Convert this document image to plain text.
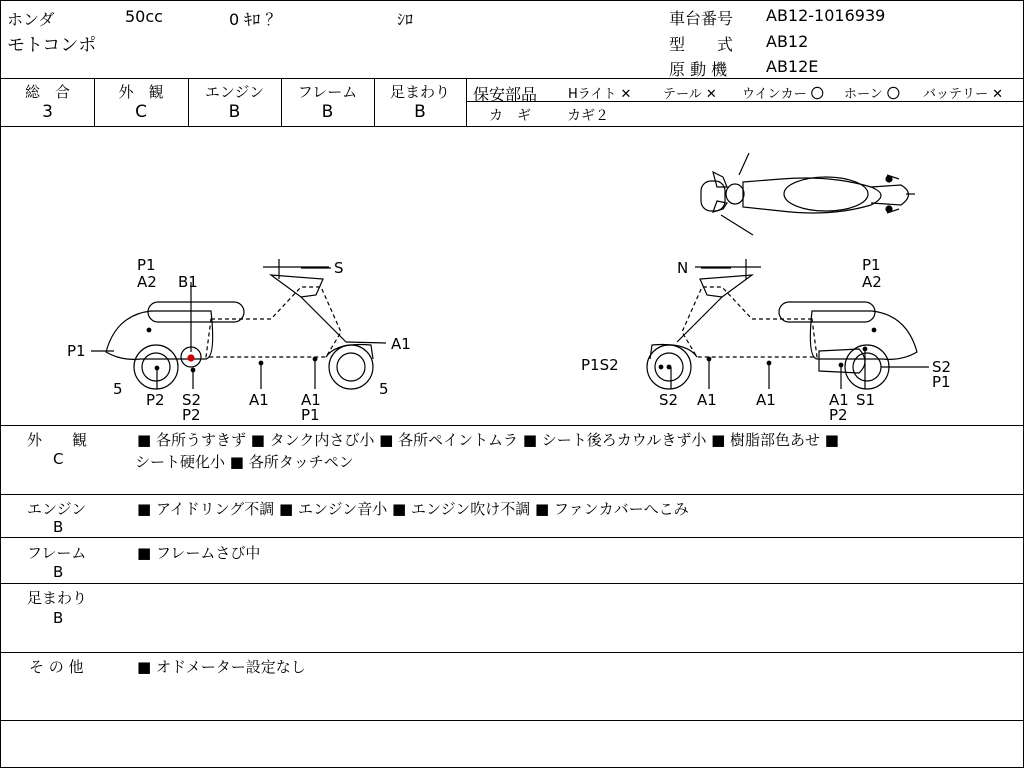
ホンダ	50cc	0 ｷﾛ ？	ｼﾛ
モトコンポ
車台番号 AB12-1016939
型　　式 AB12
原 動 機 AB12E
総　合
3
外　観
C
エンジン
B
フレーム
B
足まわり
B
保安部品 Hライト ✕ テール ✕ ウインカー 〇 ホーン 〇 バッテリー ✕
カ　ギ	カギ２
P1
A2 B1
S
P1	A1
5
P2 S2
P2
A1 A1
P1
5
N	P1
A2
P1S2	S2
P1
S2 A1	A1	A1
P2
S1
外　　観
C
■ 各所うすきず ■ タンク内さび小 ■ 各所ペイントムラ ■ シート後ろカウルきず小 ■ 樹脂部色あせ ■
シート硬化小 ■ 各所タッチペン
エンジン
B
■ アイドリング不調 ■ エンジン音小 ■ エンジン吹け不調 ■ ファンカバーへこみ
フレーム
B
■ フレームさび中
足まわり
B
そ の 他	■ オドメーター設定なし
